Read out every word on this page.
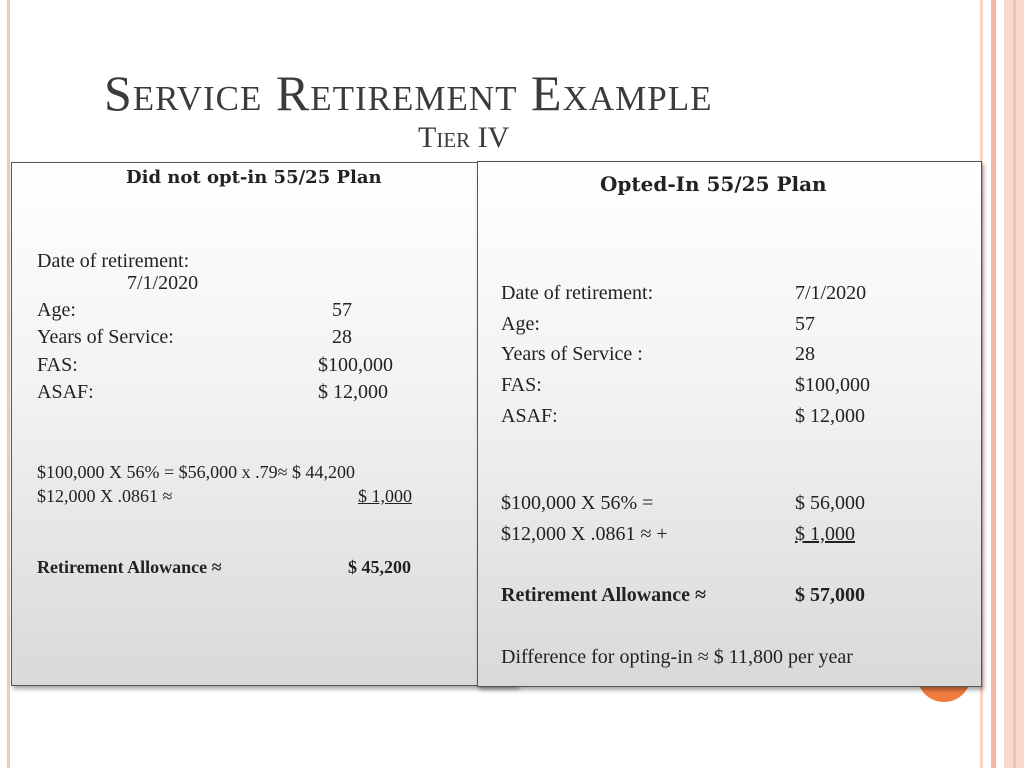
Service Retirement Example
Tier IV
Did not opt-in 55/25 Plan
Date of retirement:
7/1/2020
Age:	57
Years of Service:	28
FAS:	$100,000
ASAF:	$ 12,000
$100,000 X 56% = $56,000 x .79≈ $ 44,200
$12,000 X .0861 ≈	$ 1,000
Retirement Allowance ≈	$ 45,200
Opted-In 55/25 Plan
Date of retirement:	7/1/2020
Age:	57
Years of Service :	28
FAS:	$100,000
ASAF:	$ 12,000
$100,000 X 56% =	$ 56,000
$12,000 X .0861 ≈ +	$ 1,000
Retirement Allowance ≈	$ 57,000
Difference for opting-in ≈ $ 11,800 per year
